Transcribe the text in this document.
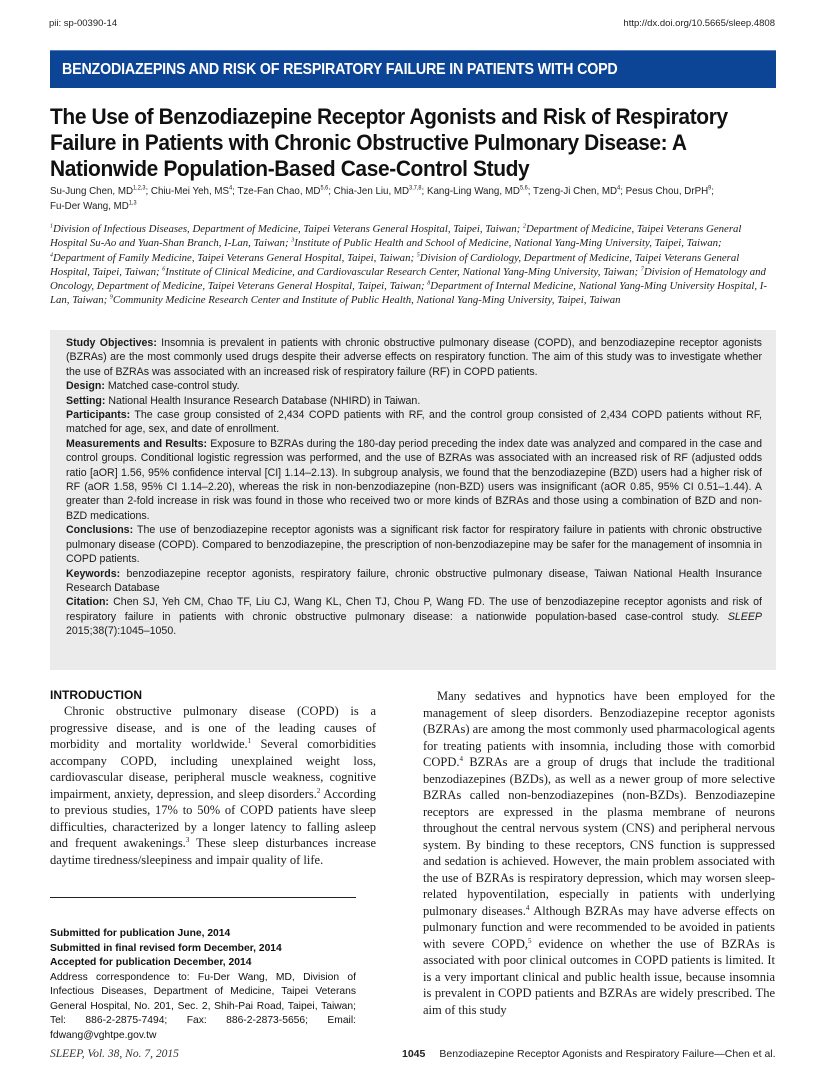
pii: sp-00390-14	http://dx.doi.org/10.5665/sleep.4808
BENZODIAZEPINS AND RISK OF RESPIRATORY FAILURE IN PATIENTS WITH COPD
The Use of Benzodiazepine Receptor Agonists and Risk of Respiratory Failure in Patients with Chronic Obstructive Pulmonary Disease: A Nationwide Population-Based Case-Control Study
Su-Jung Chen, MD$^{1,2,3}$; Chiu-Mei Yeh, $MS^4$; Tze-Fan Chao, MD$^{5,6}$; Chia-Jen Liu, MD$^{3,7,8}$; Kang-Ling Wang, MD$^{5,6}$; Tzeng-Ji Chen, $MD^4$; Pesus Chou, DrPH$^9$;
Fu-Der Wang, MD$^{1,3}$
$^1$Division of Infectious Diseases, Department of Medicine, Taipei Veterans General Hospital, Taipei, Taiwan; $^2$Department of Medicine, Taipei Veterans General Hospital Su-Ao and Yuan-Shan Branch, I-Lan, Taiwan; $^3$Institute of Public Health and School of Medicine, National Yang-Ming University, Taipei, Taiwan; $^4$Department of Family Medicine, Taipei Veterans General Hospital, Taipei, Taiwan; $^5$Division of Cardiology, Department of Medicine, Taipei Veterans General Hospital, Taipei, Taiwan; $^6$Institute of Clinical Medicine, and Cardiovascular Research Center, National Yang-Ming University, Taiwan; $^7$Division of Hematology and Oncology, Department of Medicine, Taipei Veterans General Hospital, Taipei, Taiwan; $^8$Department of Internal Medicine, National Yang-Ming University Hospital, I-Lan, Taiwan; $^9$Community Medicine Research Center and Institute of Public Health, National Yang-Ming University, Taipei, Taiwan

Study Objectives: Insomnia is prevalent in patients with chronic obstructive pulmonary disease (COPD), and benzodiazepine receptor agonists (BZRAs) are the most commonly used drugs despite their adverse effects on respiratory function. The aim of this study was to investigate whether the use of BZRAs was associated with an increased risk of respiratory failure (RF) in COPD patients.

Design: Matched case-control study.

Setting: National Health Insurance Research Database (NHIRD) in Taiwan.

Participants: The case group consisted of 2,434 COPD patients with RF, and the control group consisted of 2,434 COPD patients without RF, matched for age, sex, and date of enrollment.

Measurements and Results: Exposure to BZRAs during the 180-day period preceding the index date was analyzed and compared in the case and control groups. Conditional logistic regression was performed, and the use of BZRAs was associated with an increased risk of RF (adjusted odds ratio [aOR] 1.56, 95% confidence interval [CI] 1.14–2.13). In subgroup analysis, we found that the benzodiazepine (BZD) users had a higher risk of RF (aOR 1.58, 95% CI 1.14–2.20), whereas the risk in non-benzodiazepine (non-BZD) users was insignificant (aOR 0.85, 95% CI 0.51–1.44). A greater than 2-fold increase in risk was found in those who received two or more kinds of BZRAs and those using a combination of BZD and non-BZD medications.

Conclusions: The use of benzodiazepine receptor agonists was a significant risk factor for respiratory failure in patients with chronic obstructive pulmonary disease (COPD). Compared to benzodiazepine, the prescription of non-benzodiazepine may be safer for the management of insomnia in COPD patients.

Keywords: benzodiazepine receptor agonists, respiratory failure, chronic obstructive pulmonary disease, Taiwan National Health Insurance Research Database

Citation: Chen SJ, Yeh CM, Chao TF, Liu CJ, Wang KL, Chen TJ, Chou P, Wang FD. The use of benzodiazepine receptor agonists and risk of respiratory failure in patients with chronic obstructive pulmonary disease: a nationwide population-based case-control study. SLEEP 2015;38(7):1045–1050.

INTRODUCTION

Chronic obstructive pulmonary disease (COPD) is a progressive disease, and is one of the leading causes of morbidity and mortality worldwide.$^1$ Several comorbidities accompany COPD, including unexplained weight loss, cardiovascular disease, peripheral muscle weakness, cognitive impairment, anxiety, depression, and sleep disorders.$^2$ According to previous studies, 17% to 50% of COPD patients have sleep difficulties, characterized by a longer latency to falling asleep and frequent awakenings.$^3$ These sleep disturbances increase daytime tiredness/sleepiness and impair quality of life.

Submitted for publication June, 2014
Submitted in final revised form December, 2014
Accepted for publication December, 2014
Address correspondence to: Fu-Der Wang, MD, Division of Infectious Diseases, Department of Medicine, Taipei Veterans General Hospital, No. 201, Sec. 2, Shih-Pai Road, Taipei, Taiwan; Tel: 886-2-2875-7494; Fax: 886-2-2873-5656; Email: fdwang@vghtpe.gov.tw

Many sedatives and hypnotics have been employed for the management of sleep disorders. Benzodiazepine receptor agonists (BZRAs) are among the most commonly used pharmacological agents for treating patients with insomnia, including those with comorbid COPD.$^4$ BZRAs are a group of drugs that include the traditional benzodiazepines (BZDs), as well as a newer group of more selective BZRAs called non-benzodiazepines (non-BZDs). Benzodiazepine receptors are expressed in the plasma membrane of neurons throughout the central nervous system (CNS) and peripheral nervous system. By binding to these receptors, CNS function is suppressed and sedation is achieved. However, the main problem associated with the use of BZRAs is respiratory depression, which may worsen sleep-related hypoventilation, especially in patients with underlying pulmonary diseases.$^4$ Although BZRAs may have adverse effects on pulmonary function and were recommended to be avoided in patients with severe COPD,$^5$ evidence on whether the use of BZRAs is associated with poor clinical outcomes in COPD patients is limited. It is a very important clinical and public health issue, because insomnia is prevalent in COPD patients and BZRAs are widely prescribed. The aim of this study

SLEEP, Vol. 38, No. 7, 2015	1045 Benzodiazepine Receptor Agonists and Respiratory Failure—Chen et al.
